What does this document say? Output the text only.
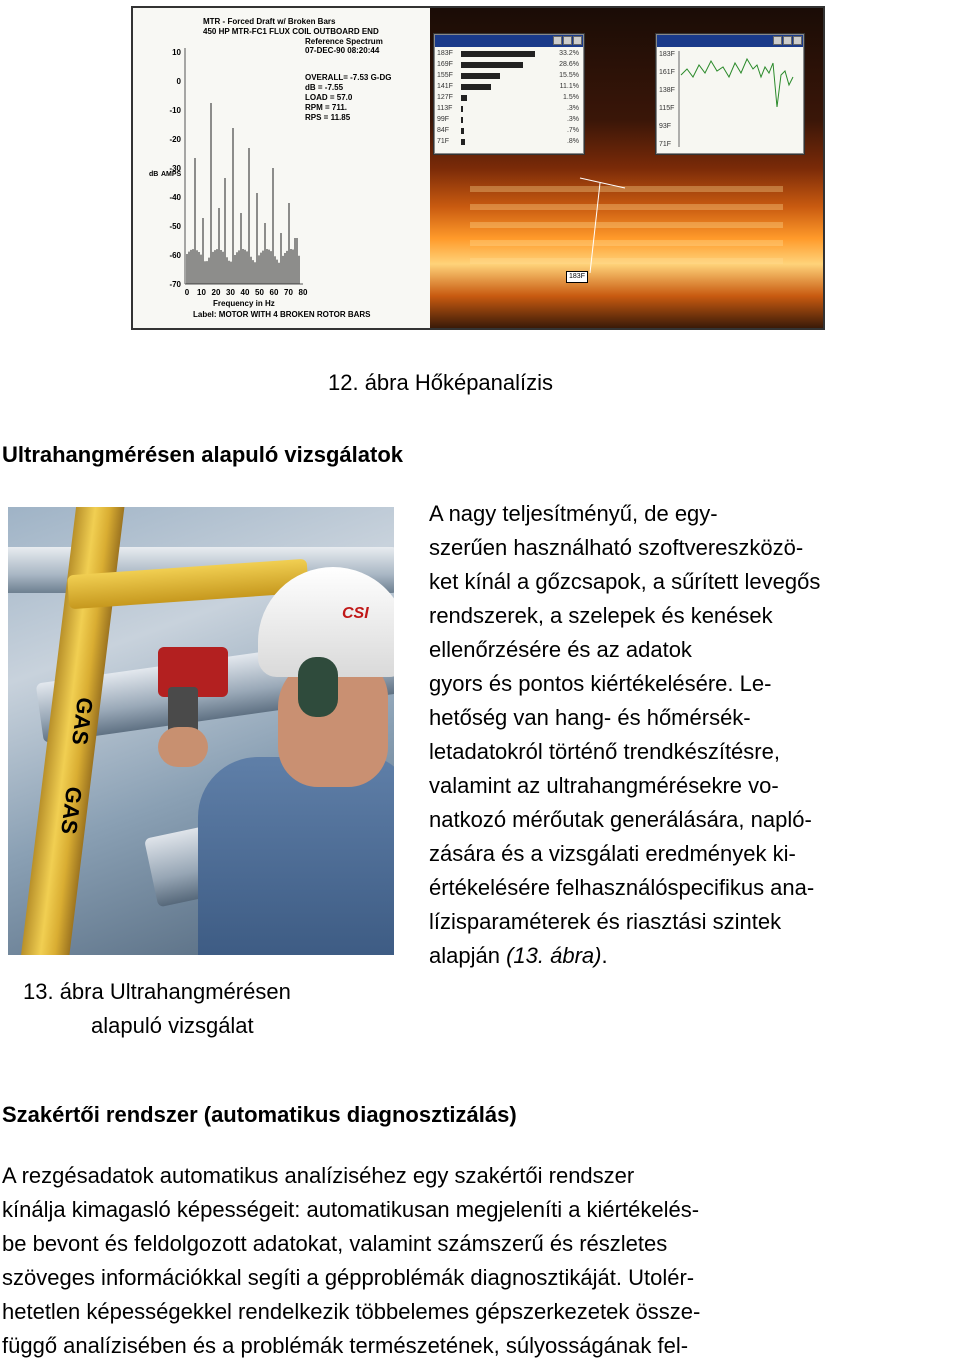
MTR - Forced Draft w/ Broken Bars
450 HP MTR-FC1 FLUX COIL OUTBOARD END
Reference Spectrum
07-DEC-90 08:20:44
OVERALL= -7.53 G-DG
dB = -7.55
LOAD = 57.0
RPM = 711.
RPS = 11.85
dB AMPS
10
0
-10
-20
-30
-40
-50
-60
-70
0 10 20 30 40 50 60 70 80
Frequency in Hz
Label: MOTOR WITH 4 BROKEN ROTOR BARS
183F
183F	33.2%
169F	28.6%
155F	15.5%
141F	11.1%
127F	1.5%
113F	.3%
99F	.3%
84F	.7%
71F	.8%
183F
161F
138F
115F
93F
71F
12. ábra Hőképanalízis
Ultrahangmérésen alapuló vizsgálatok
GAS
GAS
CSI
13. ábra Ultrahangmérésen
alapuló vizsgálat
A nagy teljesítményű, de egy-
szerűen használható szoftvereszközö-
ket kínál a gőzcsapok, a sűrített levegős
rendszerek, a szelepek és kenések
ellenőrzésére és az adatok
gyors és pontos kiértékelésére. Le-
hetőség van hang- és hőmérsék-
letadatokról történő trendkészítésre,
valamint az ultrahangmérésekre vo-
natkozó mérőutak generálására, napló-
zására és a vizsgálati eredmények ki-
értékelésére felhasználóspecifikus ana-
lízisparaméterek és riasztási szintek
alapján (13. ábra).
Szakértői rendszer (automatikus diagnosztizálás)
A rezgésadatok automatikus analíziséhez egy szakértői rendszer
kínálja kimagasló képességeit: automatikusan megjeleníti a kiértékelés-
be bevont és feldolgozott adatokat, valamint számszerű és részletes
szöveges információkkal segíti a gépproblémák diagnosztikáját. Utolér-
hetetlen képességekkel rendelkezik többelemes gépszerkezetek össze-
függő analízisében és a problémák természetének, súlyosságának fel-
